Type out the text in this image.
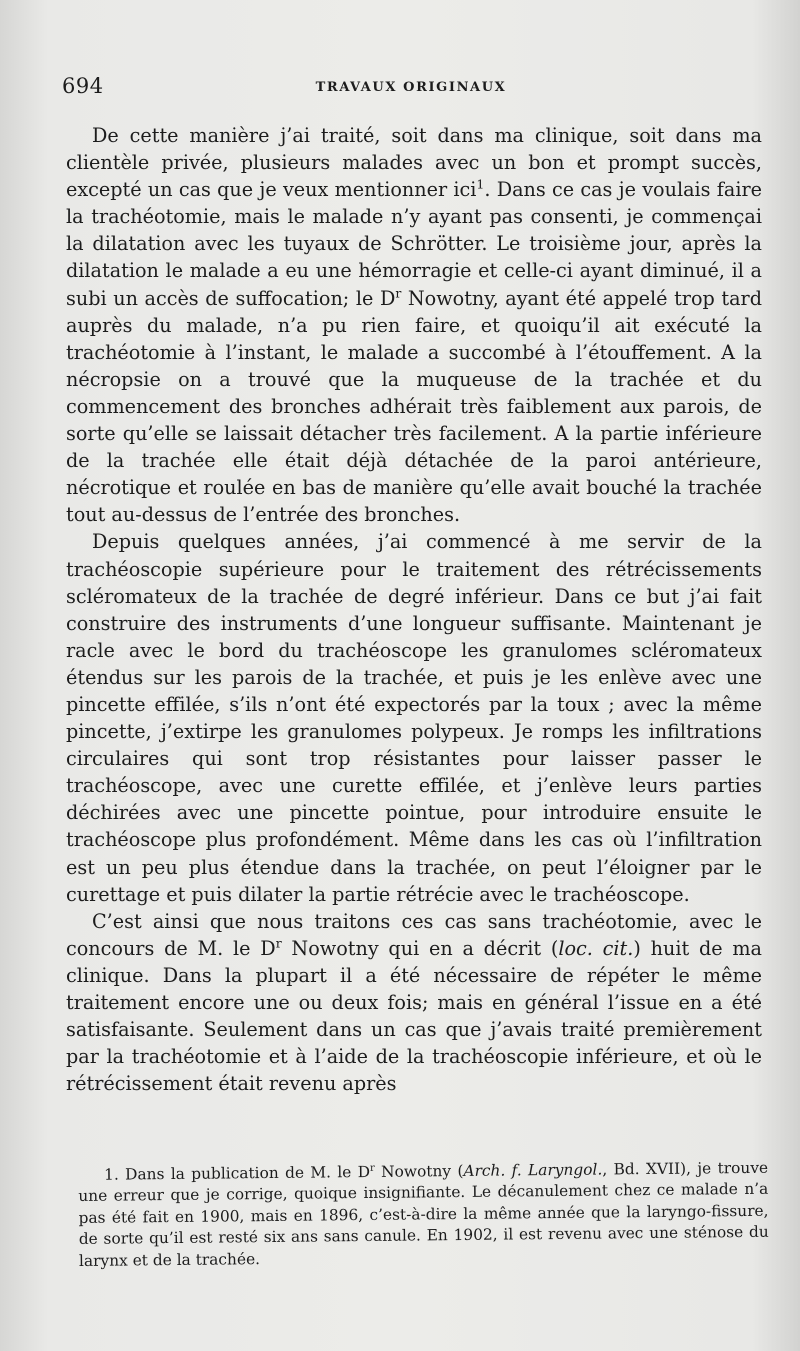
694	TRAVAUX ORIGINAUX

De cette manière j’ai traité, soit dans ma clinique, soit dans ma clientèle privée, plusieurs malades avec un bon et prompt succès, excepté un cas que je veux mentionner ici$^1$. Dans ce cas je voulais faire la trachéotomie, mais le malade n’y ayant pas consenti, je commençai la dilatation avec les tuyaux de Schrötter. Le troisième jour, après la dilatation le malade a eu une hémorragie et celle-ci ayant diminué, il a subi un accès de suffocation; le $D^r$ Nowotny, ayant été appelé trop tard auprès du malade, n’a pu rien faire, et quoiqu’il ait exécuté la trachéotomie à l’instant, le malade a succombé à l’étouffement. A la nécropsie on a trouvé que la muqueuse de la trachée et du commencement des bronches adhérait très faiblement aux parois, de sorte qu’elle se laissait détacher très facilement. A la partie inférieure de la trachée elle était déjà détachée de la paroi antérieure, nécrotique et roulée en bas de manière qu’elle avait bouché la trachée tout au-dessus de l’entrée des bronches.

Depuis quelques années, j’ai commencé à me servir de la trachéoscopie supérieure pour le traitement des rétrécissements scléromateux de la trachée de degré inférieur. Dans ce but j’ai fait construire des instruments d’une longueur suffisante. Maintenant je racle avec le bord du trachéoscope les granulomes scléromateux étendus sur les parois de la trachée, et puis je les enlève avec une pincette effilée, s’ils n’ont été expectorés par la toux ; avec la même pincette, j’extirpe les granulomes polypeux. Je romps les infiltrations circulaires qui sont trop résistantes pour laisser passer le trachéoscope, avec une curette effilée, et j’enlève leurs parties déchirées avec une pincette pointue, pour introduire ensuite le trachéoscope plus profondément. Même dans les cas où l’infiltration est un peu plus étendue dans la trachée, on peut l’éloigner par le curettage et puis dilater la partie rétrécie avec le trachéoscope.

C’est ainsi que nous traitons ces cas sans trachéotomie, avec le concours de M. le $D^r$ Nowotny qui en a décrit (loc. cit.) huit de ma clinique. Dans la plupart il a été nécessaire de répéter le même traitement encore une ou deux fois; mais en général l’issue en a été satisfaisante. Seulement dans un cas que j’avais traité premièrement par la trachéotomie et à l’aide de la trachéoscopie inférieure, et où le rétrécissement était revenu après

1. Dans la publication de M. le $D^r$ Nowotny (Arch. f. Laryngol., Bd. XVII), je trouve une erreur que je corrige, quoique insignifiante. Le décanulement chez ce malade n’a pas été fait en 1900, mais en 1896, c’est-à-dire la même année que la laryngo-fissure, de sorte qu’il est resté six ans sans canule. En 1902, il est revenu avec une sténose du larynx et de la trachée.
